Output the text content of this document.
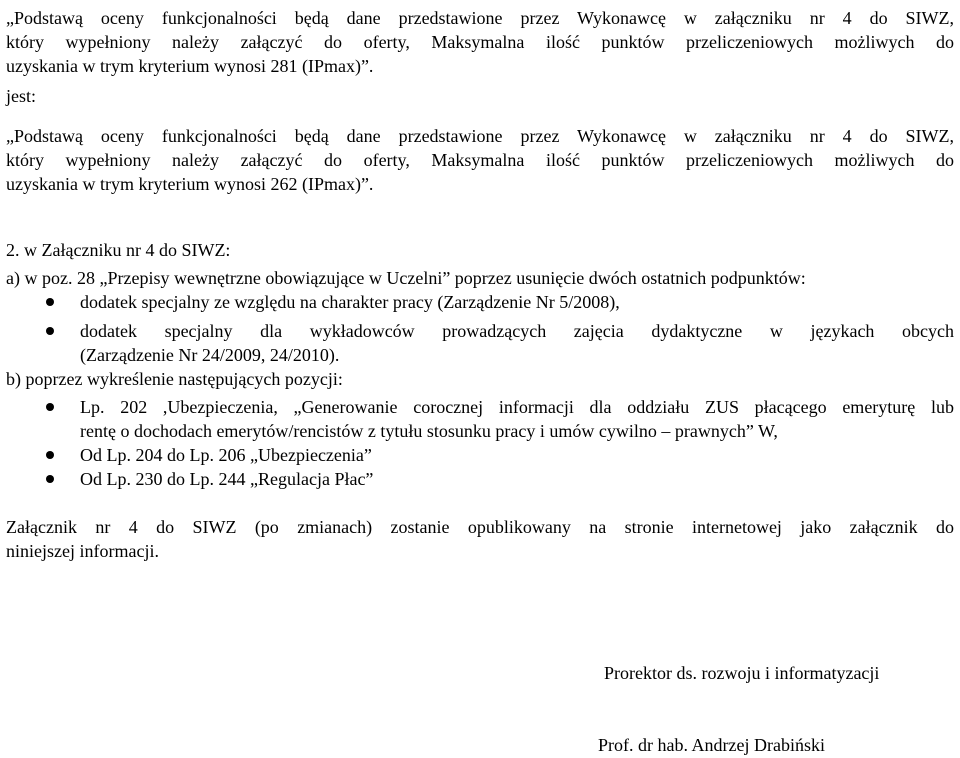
„Podstawą oceny funkcjonalności będą dane przedstawione przez Wykonawcę w załączniku nr 4 do SIWZ,
który wypełniony należy załączyć do oferty, Maksymalna ilość punktów przeliczeniowych możliwych do
uzyskania w trym kryterium wynosi 281 (IPmax)”.

jest:

„Podstawą oceny funkcjonalności będą dane przedstawione przez Wykonawcę w załączniku nr 4 do SIWZ,
który wypełniony należy załączyć do oferty, Maksymalna ilość punktów przeliczeniowych możliwych do
uzyskania w trym kryterium wynosi 262 (IPmax)”.

2. w Załączniku nr 4 do SIWZ:

a) w poz. 28 „Przepisy wewnętrzne obowiązujące w Uczelni” poprzez usunięcie dwóch ostatnich podpunktów:

dodatek specjalny ze względu na charakter pracy (Zarządzenie Nr 5/2008),
dodatek specjalny dla wykładowców prowadzących zajęcia dydaktyczne w językach obcych
(Zarządzenie Nr 24/2009, 24/2010).

b) poprzez wykreślenie następujących pozycji:

Lp. 202 ,Ubezpieczenia, „Generowanie corocznej informacji dla oddziału ZUS płacącego emeryturę lub
rentę o dochodach emerytów/rencistów z tytułu stosunku pracy i umów cywilno – prawnych” W,
Od Lp. 204 do Lp. 206 „Ubezpieczenia”
Od Lp. 230 do Lp. 244 „Regulacja Płac”

Załącznik nr 4 do SIWZ (po zmianach) zostanie opublikowany na stronie internetowej jako załącznik do
niniejszej informacji.

Prorektor ds. rozwoju i informatyzacji
Prof. dr hab. Andrzej Drabiński
